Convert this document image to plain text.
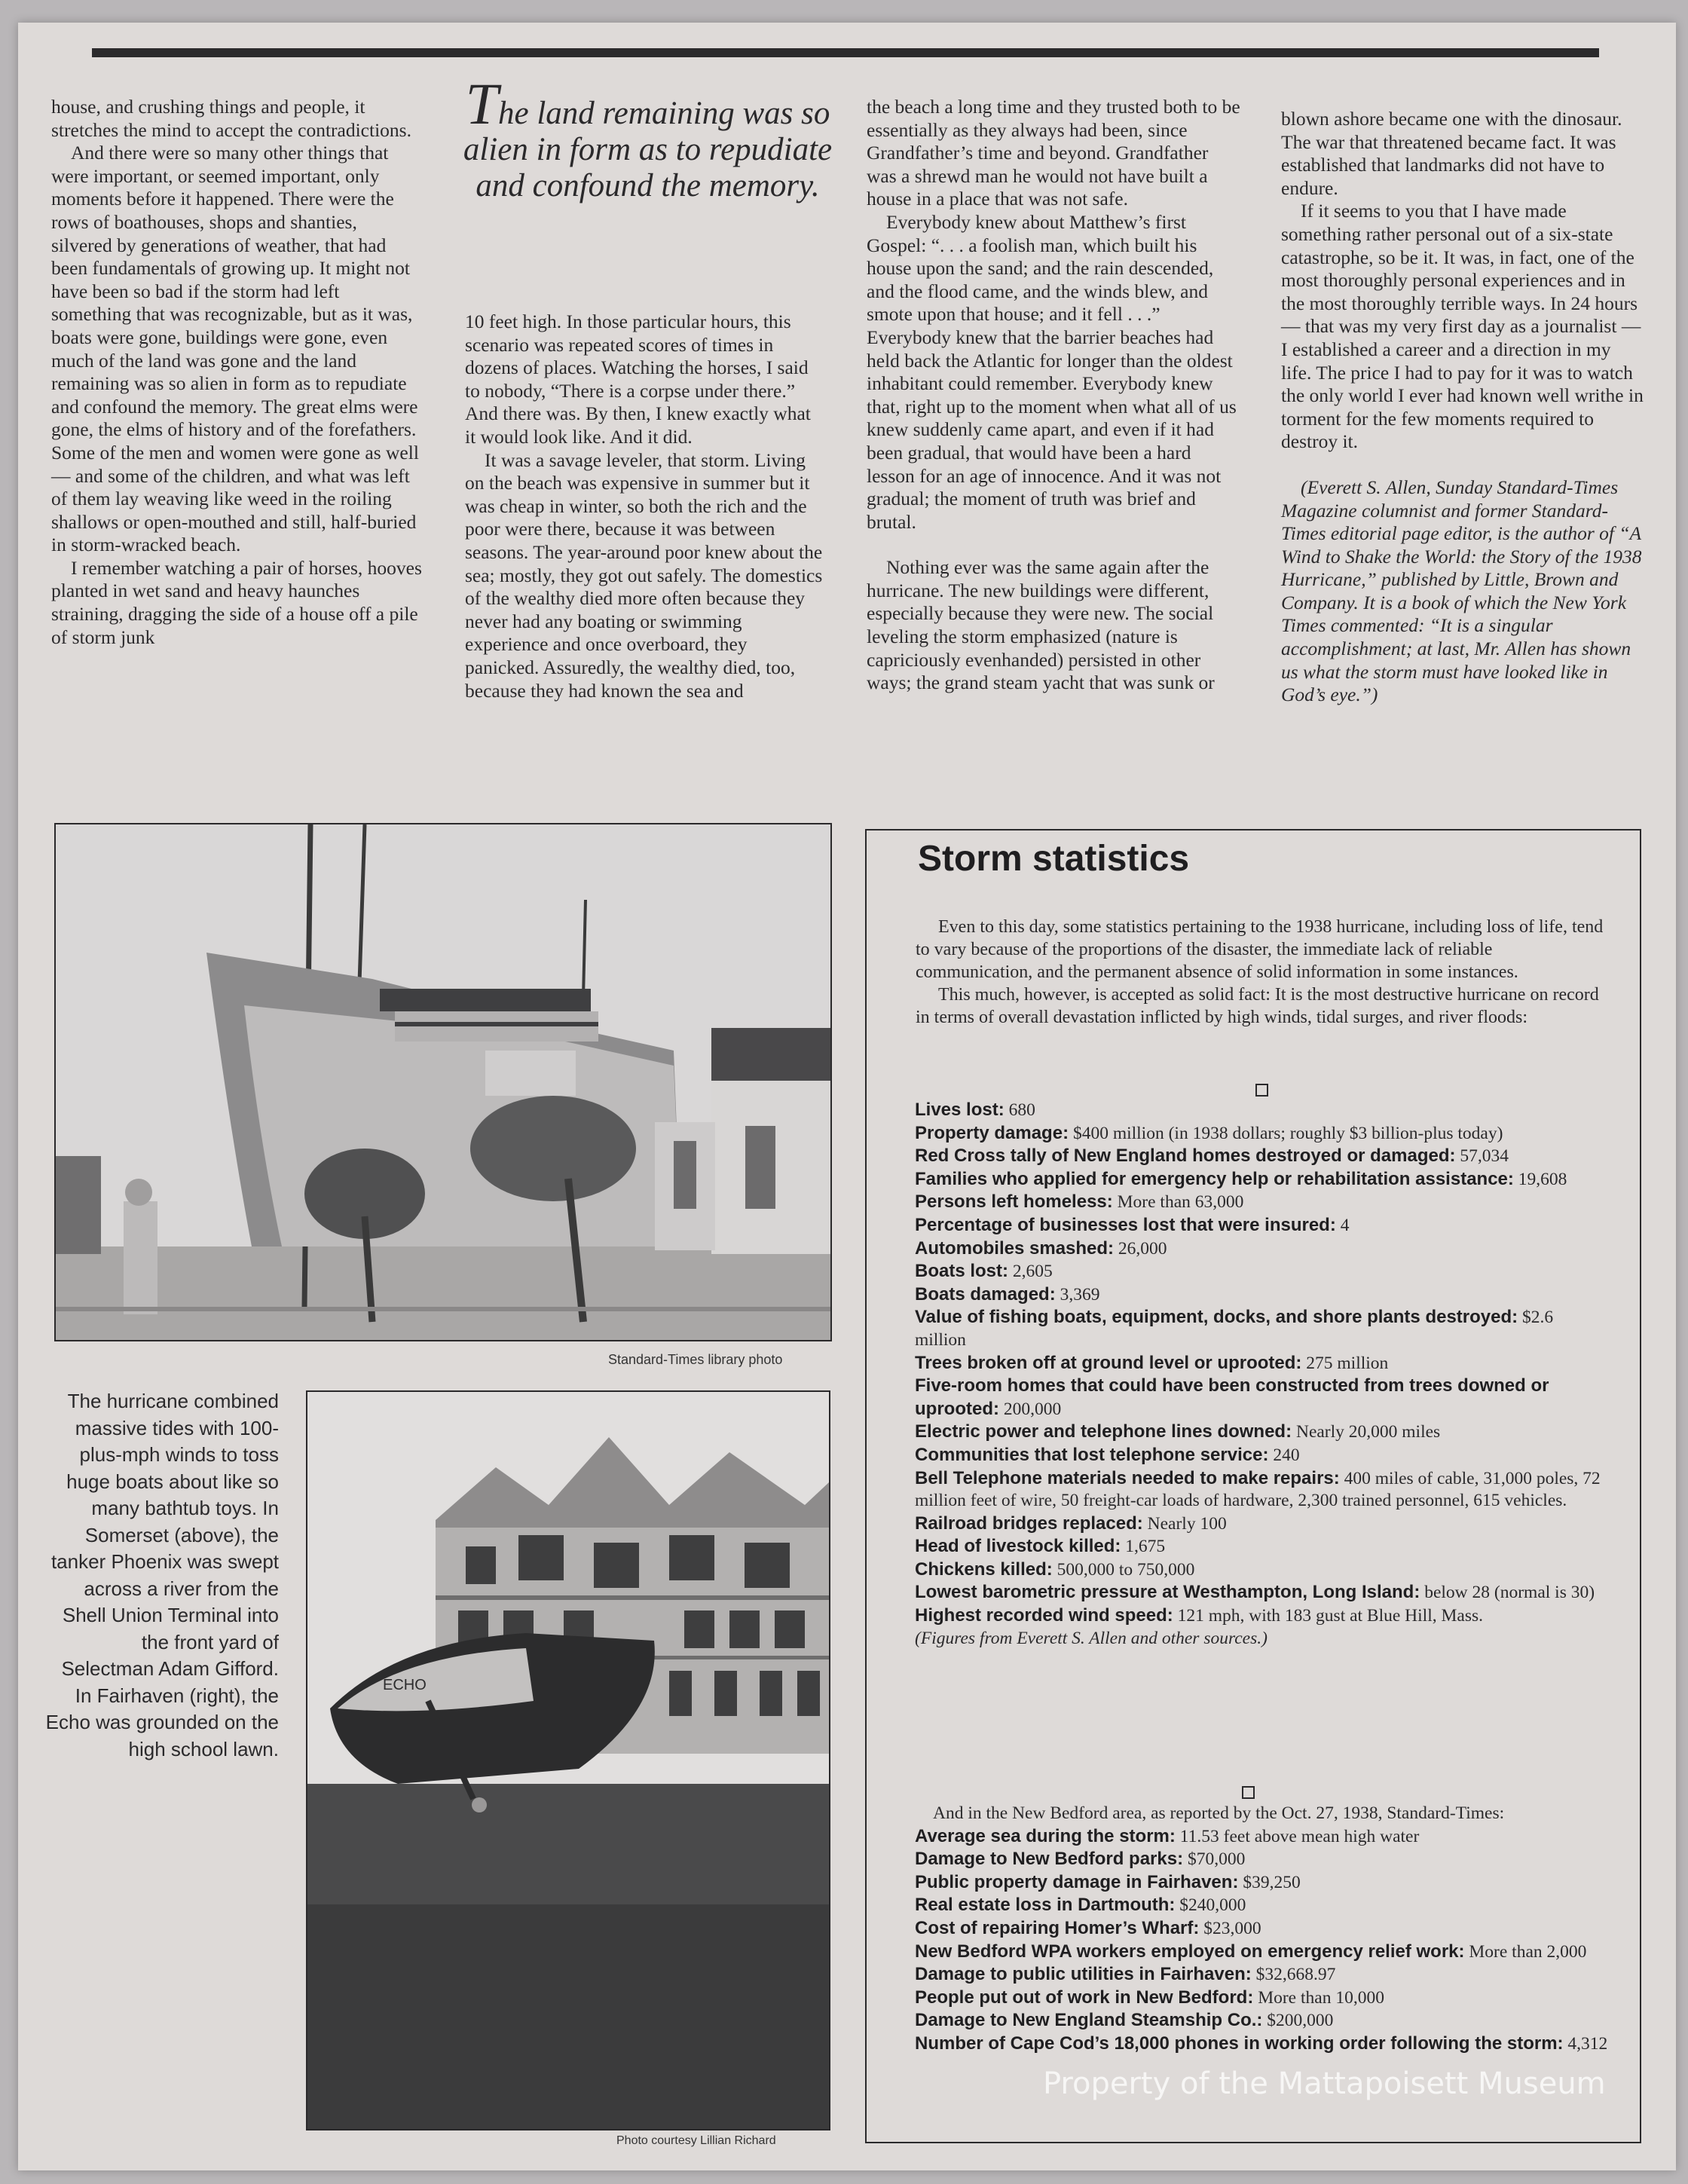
house, and crushing things and people, it stretches the mind to accept the contradictions.

And there were so many other things that were important, or seemed important, only moments before it happened. There were the rows of boathouses, shops and shanties, silvered by generations of weather, that had been fundamentals of growing up. It might not have been so bad if the storm had left something that was recognizable, but as it was, boats were gone, buildings were gone, even much of the land was gone and the land remaining was so alien in form as to repudiate and confound the memory. The great elms were gone, the elms of history and of the forefathers. Some of the men and women were gone as well — and some of the children, and what was left of them lay weaving like weed in the roiling shallows or open-mouthed and still, half-buried in storm-wracked beach.

I remember watching a pair of horses, hooves planted in wet sand and heavy haunches straining, dragging the side of a house off a pile of storm junk

The land remaining was so alien in form as to repudiate and confound the memory.

10 feet high. In those particular hours, this scenario was repeated scores of times in dozens of places. Watching the horses, I said to nobody, “There is a corpse under there.” And there was. By then, I knew exactly what it would look like. And it did.

It was a savage leveler, that storm. Living on the beach was expensive in summer but it was cheap in winter, so both the rich and the poor were there, because it was between seasons. The year-around poor knew about the sea; mostly, they got out safely. The domestics of the wealthy died more often because they never had any boating or swimming experience and once overboard, they panicked. Assuredly, the wealthy died, too, because they had known the sea and

the beach a long time and they trusted both to be essentially as they always had been, since Grandfather’s time and beyond. Grandfather was a shrewd man he would not have built a house in a place that was not safe.

Everybody knew about Matthew’s first Gospel: “. . . a foolish man, which built his house upon the sand; and the rain descended, and the flood came, and the winds blew, and smote upon that house; and it fell . . .” Everybody knew that the barrier beaches had held back the Atlantic for longer than the oldest inhabitant could remember. Everybody knew that, right up to the moment when what all of us knew suddenly came apart, and even if it had been gradual, that would have been a hard lesson for an age of innocence. And it was not gradual; the moment of truth was brief and brutal.

Nothing ever was the same again after the hurricane. The new buildings were different, especially because they were new. The social leveling the storm emphasized (nature is capriciously evenhanded) persisted in other ways; the grand steam yacht that was sunk or

blown ashore became one with the dinosaur. The war that threatened became fact. It was established that landmarks did not have to endure.

If it seems to you that I have made something rather personal out of a six-state catastrophe, so be it. It was, in fact, one of the most thoroughly personal experiences and in the most thoroughly terrible ways. In 24 hours — that was my very first day as a journalist — I established a career and a direction in my life. The price I had to pay for it was to watch the only world I ever had known well writhe in torment for the few moments required to destroy it.

(Everett S. Allen, Sunday Standard-Times Magazine columnist and former Standard-Times editorial page editor, is the author of “A Wind to Shake the World: the Story of the 1938 Hurricane,” published by Little, Brown and Company. It is a book of which the New York Times commented: “It is a singular accomplishment; at last, Mr. Allen has shown us what the storm must have looked like in God’s eye.”)

Standard-Times library photo
The hurricane combined massive tides with 100-plus-mph winds to toss huge boats about like so many bathtub toys. In Somerset (above), the tanker Phoenix was swept across a river from the Shell Union Terminal into the front yard of Selectman Adam Gifford. In Fairhaven (right), the Echo was grounded on the high school lawn.
ECHO
Photo courtesy Lillian Richard
Storm statistics

Even to this day, some statistics pertaining to the 1938 hurricane, including loss of life, tend to vary because of the proportions of the disaster, the immediate lack of reliable communication, and the permanent absence of solid information in some instances.

This much, however, is accepted as solid fact: It is the most destructive hurricane on record in terms of overall devastation inflicted by high winds, tidal surges, and river floods:

Lives lost: 680

Property damage: $400 million (in 1938 dollars; roughly $3 billion-plus today)

Red Cross tally of New England homes destroyed or damaged: 57,034

Families who applied for emergency help or rehabilitation assistance: 19,608

Persons left homeless: More than 63,000

Percentage of businesses lost that were insured: 4

Automobiles smashed: 26,000

Boats lost: 2,605

Boats damaged: 3,369

Value of fishing boats, equipment, docks, and shore plants destroyed: $2.6 million

Trees broken off at ground level or uprooted: 275 million

Five-room homes that could have been constructed from trees downed or uprooted: 200,000

Electric power and telephone lines downed: Nearly 20,000 miles

Communities that lost telephone service: 240

Bell Telephone materials needed to make repairs: 400 miles of cable, 31,000 poles, 72 million feet of wire, 50 freight-car loads of hardware, 2,300 trained personnel, 615 vehicles.

Railroad bridges replaced: Nearly 100

Head of livestock killed: 1,675

Chickens killed: 500,000 to 750,000

Lowest barometric pressure at Westhampton, Long Island: below 28 (normal is 30)

Highest recorded wind speed: 121 mph, with 183 gust at Blue Hill, Mass.

(Figures from Everett S. Allen and other sources.)

And in the New Bedford area, as reported by the Oct. 27, 1938, Standard-Times:

Average sea during the storm: 11.53 feet above mean high water

Damage to New Bedford parks: $70,000

Public property damage in Fairhaven: $39,250

Real estate loss in Dartmouth: $240,000

Cost of repairing Homer’s Wharf: $23,000

New Bedford WPA workers employed on emergency relief work: More than 2,000

Damage to public utilities in Fairhaven: $32,668.97

People put out of work in New Bedford: More than 10,000

Damage to New England Steamship Co.: $200,000

Number of Cape Cod’s 18,000 phones in working order following the storm: 4,312

Property of the Mattapoisett Museum
